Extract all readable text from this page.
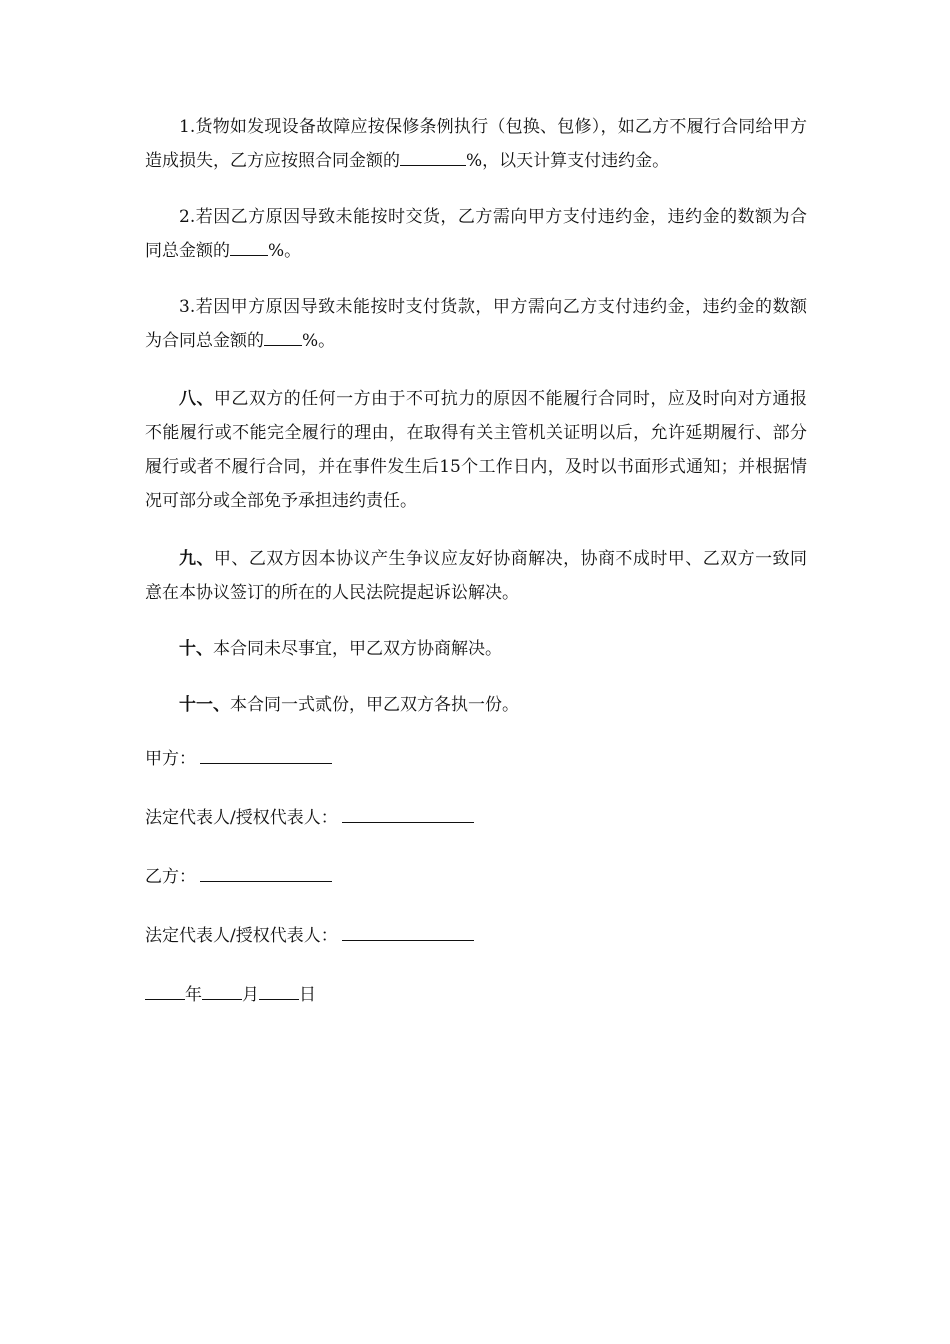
1.货物如发现设备故障应按保修条例执行（包换、包修），如乙方不履行合同给甲方造成损失，乙方应按照合同金额的	%，以天计算支付违约金。

2.若因乙方原因导致未能按时交货，乙方需向甲方支付违约金，违约金的数额为合同总金额的 %。

3.若因甲方原因导致未能按时支付货款，甲方需向乙方支付违约金，违约金的数额为合同总金额的 %。

八、甲乙双方的任何一方由于不可抗力的原因不能履行合同时，应及时向对方通报不能履行或不能完全履行的理由，在取得有关主管机关证明以后，允许延期履行、部分履行或者不履行合同，并在事件发生后15个工作日内，及时以书面形式通知；并根据情况可部分或全部免予承担违约责任。

九、甲、乙双方因本协议产生争议应友好协商解决，协商不成时甲、乙双方一致同意在本协议签订的所在的人民法院提起诉讼解决。

十、本合同未尽事宜，甲乙双方协商解决。

十一、本合同一式贰份，甲乙双方各执一份。

甲方：

法定代表人/授权代表人：

乙方：

法定代表人/授权代表人：

年 月 日
